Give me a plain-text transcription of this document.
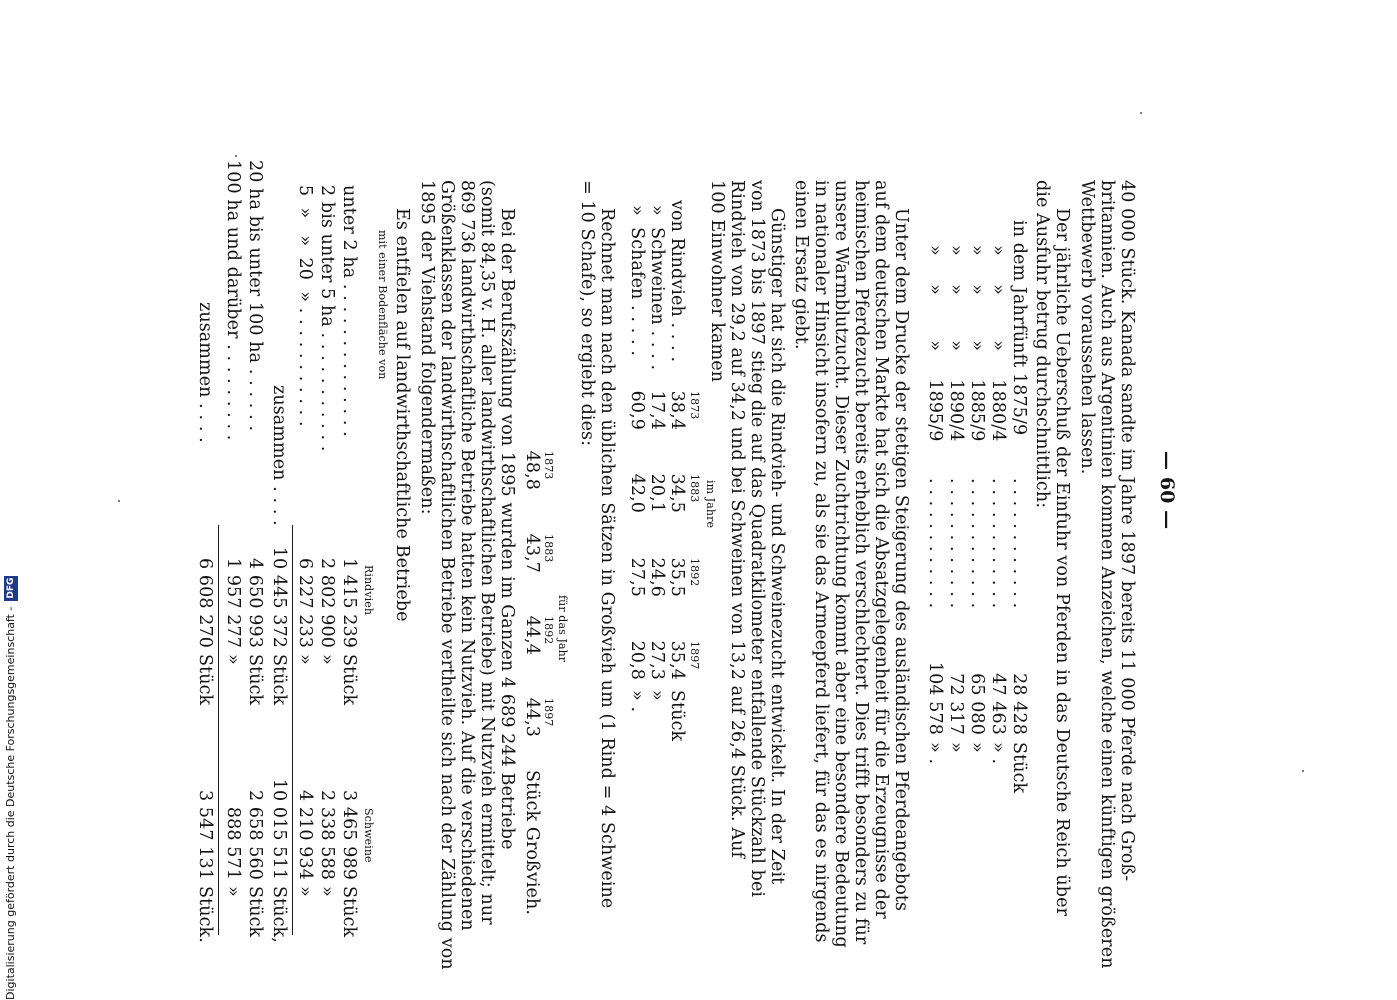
— 60 —
40 000 Stück. Kanada sandte im Jahre 1897 bereits 11 000 Pferde nach Groß-
britannien. Auch aus Argentinien kommen Anzeichen, welche einen künftigen größeren
Wettbewerb voraussehen lassen.
Der jährliche Ueberschuß der Einfuhr von Pferden in das Deutsche Reich über
die Ausfuhr betrug durchschnittlich:
in dem Jahrfünft 1875/9
. . . . . . . . . . . .
28 428
Stück
»     »        »     1880/4
. . . . . . . . . . . .
47 463
» .
»     »        »     1885/9
. . . . . . . . . . . .
65 080
»
»     »        »     1890/4
. . . . . . . . . . . .
72 317
»
»     »        »     1895/9
. . . . . . . . . . . .
104 578
» .
Unter dem Drucke der stetigen Steigerung des ausländischen Pferdeangebots
auf dem deutschen Markte hat sich die Absatzgelegenheit für die Erzeugnisse der
heimischen Pferdezucht bereits erheblich verschlechtert. Dies trifft besonders zu für
unsere Warmblutzucht. Dieser Zuchtrichtung kommt aber eine besondere Bedeutung
in nationaler Hinsicht insofern zu, als sie das Armeepferd liefert, für das es nirgends
einen Ersatz giebt.
Günstiger hat sich die Rindvieh- und Schweinezucht entwickelt. In der Zeit
von 1873 bis 1897 stieg die auf das Quadratkilometer entfallende Stückzahl bei
Rindvieh von 29,2 auf 34,2 und bei Schweinen von 13,2 auf 26,4 Stück. Auf
100 Einwohner kamen
im Jahre
1873
1883
1892
1897
von Rindvieh . . . .
38,4
34,5
35,5
35,4
Stück
»  Schweinen . . . .
17,4
20,1
24,6
27,3
»
»  Schafen . . . . .
60,9
42,0
27,5
20,8
» .
Rechnet man nach den üblichen Sätzen in Großvieh um (1 Rind = 4 Schweine
= 10 Schafe), so ergiebt dies:
für das Jahr
1873
1883
1892
1897
48,8
43,7
44,4
44,3
Stück Großvieh.
Bei der Berufszählung von 1895 wurden im Ganzen 4 689 244 Betriebe
(somit 84,35 v. H. aller landwirthschaftlichen Betriebe) mit Nutzvieh ermittelt; nur
869 736 landwirthschaftliche Betriebe hatten kein Nutzvieh. Auf die verschiedenen
Größenklassen der landwirthschaftlichen Betriebe vertheilte sich nach der Zählung von
1895 der Viehstand folgendermaßen:
Es entfielen auf landwirthschaftliche Betriebe
mit einer Bodenfläche von
Rindvieh
Schweine
unter 2 ha . . . . . . . . . . . . . .
1 415 239
Stück
3 465 989
Stück
2 bis unter 5 ha . . . . . . . . . . .
2 802 900
»
2 338 588
»
5  »   »  20  » . . . . . . . . . . .
6 227 233
»
4 210 934
»
zusammen . . . .
10 445 372
Stück
10 015 511
Stück,
20 ha bis unter 100 ha . . . . . .
4 650 993
Stück
2 658 560
Stück
100 ha und darüber . . . . . . . . .
1 957 277
»
888 571
»
zusammen . . . .
6 608 270
Stück
3 547 131
Stück.
Digitalisierung gefördert durch die Deutsche Forschungsgemeinschaft -DFG
